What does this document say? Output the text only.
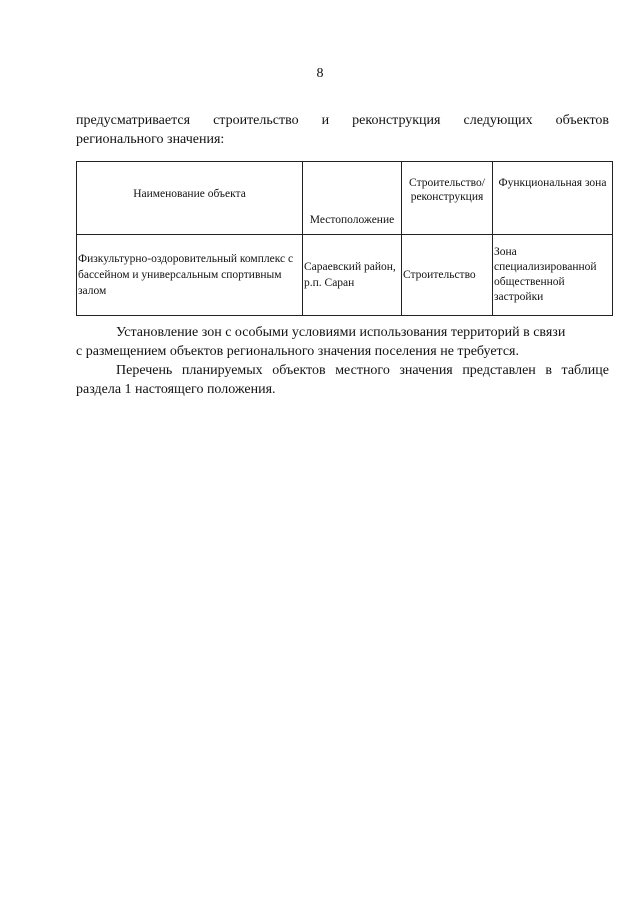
8
предусматривается строительство и реконструкция следующих объектов
регионального значения:
Наименование объекта	Местоположение	Строительство/ реконструкция	Функциональная зона
Физкультурно-оздоровительный комплекс с бассейном и универсальным спортивным залом	Сараевский район, р.п. Саран	Строительство	Зона специализированной общественной застройки
Установление зон с особыми условиями использования территорий в связи
с размещением объектов регионального значения поселения не требуется.
Перечень планируемых объектов местного значения представлен в таблице
раздела 1 настоящего положения.
